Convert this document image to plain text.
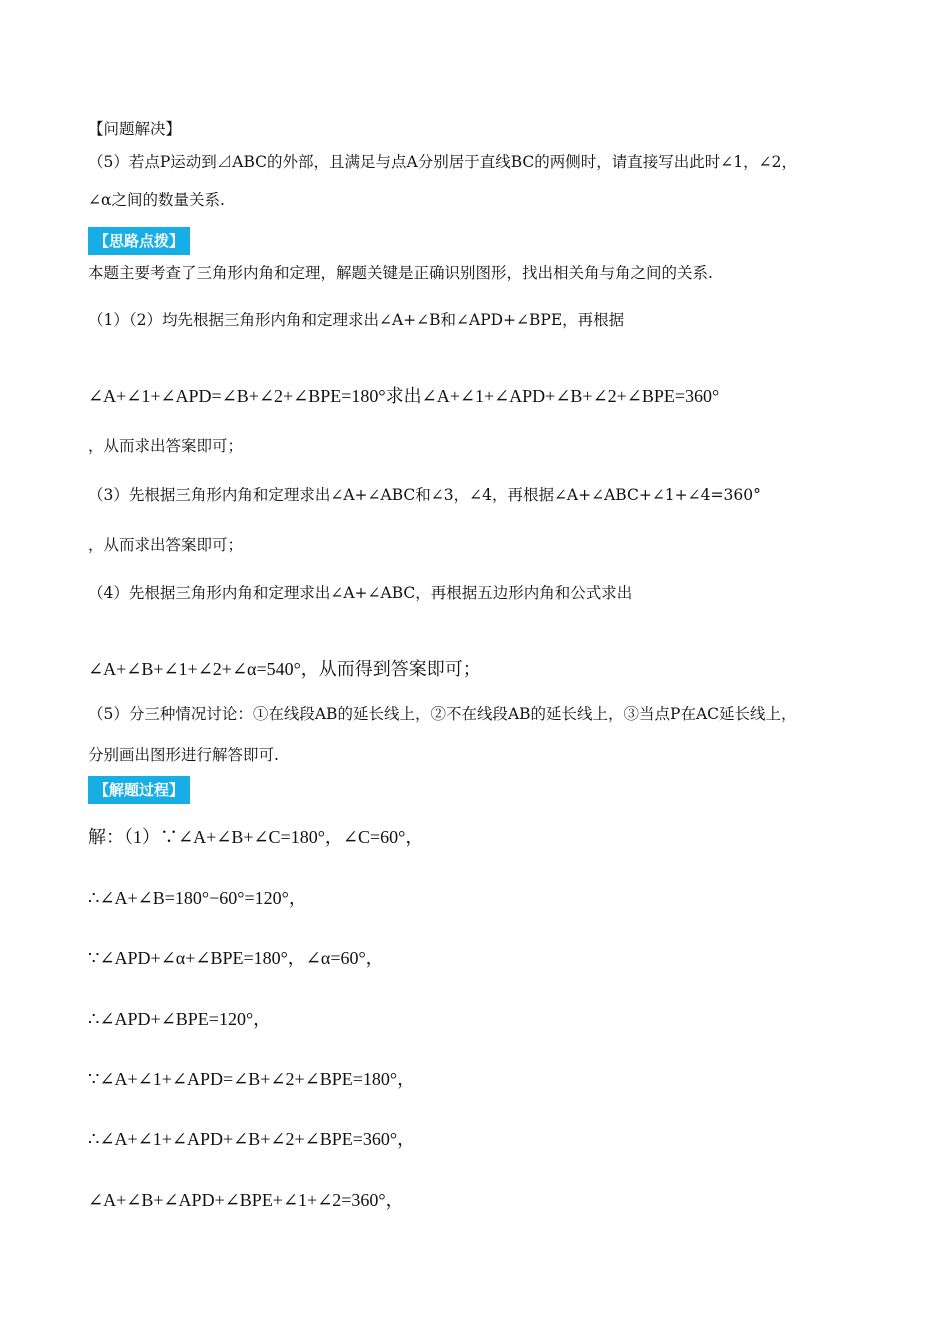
【问题解决】
（5）若点P运动到⊿ABC的外部，且满足与点A分别居于直线BC的两侧时，请直接写出此时∠1，∠2，
∠α之间的数量关系.
【思路点拨】
本题主要考查了三角形内角和定理，解题关键是正确识别图形，找出相关角与角之间的关系.
（1）（2）均先根据三角形内角和定理求出∠A+∠B和∠APD+∠BPE，再根据
∠A+∠1+∠APD=∠B+∠2+∠BPE=180°求出∠A+∠1+∠APD+∠B+∠2+∠BPE=360°
，从而求出答案即可；
（3）先根据三角形内角和定理求出∠A+∠ABC和∠3，∠4，再根据∠A+∠ABC+∠1+∠4=360°
，从而求出答案即可；
（4）先根据三角形内角和定理求出∠A+∠ABC，再根据五边形内角和公式求出
∠A+∠B+∠1+∠2+∠α=540°，从而得到答案即可；
（5）分三种情况讨论：①在线段AB的延长线上，②不在线段AB的延长线上，③当点P在AC延长线上，
分别画出图形进行解答即可.
【解题过程】
解：（1）∵∠A+∠B+∠C=180°，∠C=60°，
∴∠A+∠B=180°−60°=120°，
∵∠APD+∠α+∠BPE=180°，∠α=60°，
∴∠APD+∠BPE=120°，
∵∠A+∠1+∠APD=∠B+∠2+∠BPE=180°，
∴∠A+∠1+∠APD+∠B+∠2+∠BPE=360°，
∠A+∠B+∠APD+∠BPE+∠1+∠2=360°，
